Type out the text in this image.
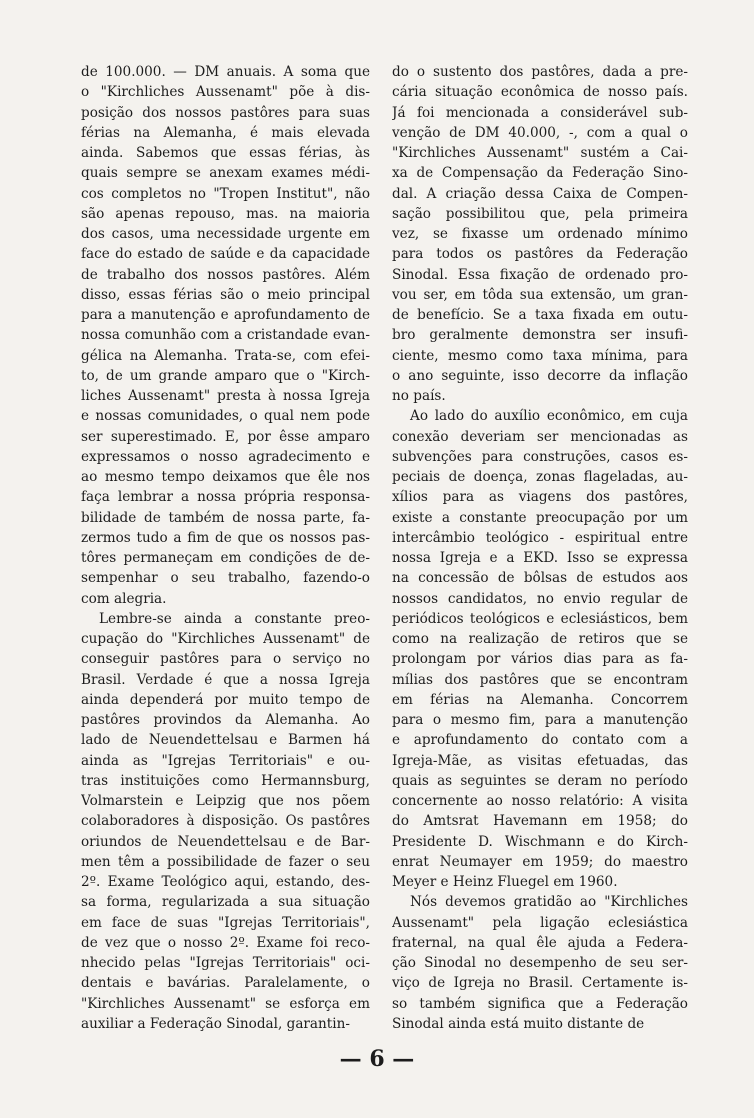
de 100.000. — DM anuais. A soma que
o "Kirchliches Aussenamt" põe à dis-
posição dos nossos pastôres para suas
férias na Alemanha, é mais elevada
ainda. Sabemos que essas férias, às
quais sempre se anexam exames médi-
cos completos no "Tropen Institut", não
são apenas repouso, mas. na maioria
dos casos, uma necessidade urgente em
face do estado de saúde e da capacidade
de trabalho dos nossos pastôres. Além
disso, essas férias são o meio principal
para a manutenção e aprofundamento de
nossa comunhão com a cristandade evan-
gélica na Alemanha. Trata-se, com efei-
to, de um grande amparo que o "Kirch-
liches Aussenamt" presta à nossa Igreja
e nossas comunidades, o qual nem pode
ser superestimado. E, por êsse amparo
expressamos o nosso agradecimento e
ao mesmo tempo deixamos que êle nos
faça lembrar a nossa própria responsa-
bilidade de também de nossa parte, fa-
zermos tudo a fim de que os nossos pas-
tôres permaneçam em condições de de-
sempenhar o seu trabalho, fazendo-o
com alegria.
Lembre-se ainda a constante preo-
cupação do "Kirchliches Aussenamt" de
conseguir pastôres para o serviço no
Brasil. Verdade é que a nossa Igreja
ainda dependerá por muito tempo de
pastôres provindos da Alemanha. Ao
lado de Neuendettelsau e Barmen há
ainda as "Igrejas Territoriais" e ou-
tras instituições como Hermannsburg,
Volmarstein e Leipzig que nos põem
colaboradores à disposição. Os pastôres
oriundos de Neuendettelsau e de Bar-
men têm a possibilidade de fazer o seu
2º. Exame Teológico aqui, estando, des-
sa forma, regularizada a sua situação
em face de suas "Igrejas Territoriais",
de vez que o nosso 2º. Exame foi reco-
nhecido pelas "Igrejas Territoriais" oci-
dentais e bavárias. Paralelamente, o
"Kirchliches Aussenamt" se esforça em
auxiliar a Federação Sinodal, garantin-
do o sustento dos pastôres, dada a pre-
cária situação econômica de nosso país.
Já foi mencionada a considerável sub-
venção de DM 40.000, -, com a qual o
"Kirchliches Aussenamt" sustém a Cai-
xa de Compensação da Federação Sino-
dal. A criação dessa Caixa de Compen-
sação possibilitou que, pela primeira
vez, se fixasse um ordenado mínimo
para todos os pastôres da Federação
Sinodal. Essa fixação de ordenado pro-
vou ser, em tôda sua extensão, um gran-
de benefício. Se a taxa fixada em outu-
bro geralmente demonstra ser insufi-
ciente, mesmo como taxa mínima, para
o ano seguinte, isso decorre da inflação
no país.
Ao lado do auxílio econômico, em cuja
conexão deveriam ser mencionadas as
subvenções para construções, casos es-
peciais de doença, zonas flageladas, au-
xílios para as viagens dos pastôres,
existe a constante preocupação por um
intercâmbio teológico - espiritual entre
nossa Igreja e a EKD. Isso se expressa
na concessão de bôlsas de estudos aos
nossos candidatos, no envio regular de
periódicos teológicos e eclesiásticos, bem
como na realização de retiros que se
prolongam por vários dias para as fa-
mílias dos pastôres que se encontram
em férias na Alemanha. Concorrem
para o mesmo fim, para a manutenção
e aprofundamento do contato com a
Igreja-Mãe, as visitas efetuadas, das
quais as seguintes se deram no período
concernente ao nosso relatório: A visita
do Amtsrat Havemann em 1958; do
Presidente D. Wischmann e do Kirch-
enrat Neumayer em 1959; do maestro
Meyer e Heinz Fluegel em 1960.
Nós devemos gratidão ao "Kirchliches
Aussenamt" pela ligação eclesiástica
fraternal, na qual êle ajuda a Federa-
ção Sinodal no desempenho de seu ser-
viço de Igreja no Brasil. Certamente is-
so também significa que a Federação
Sinodal ainda está muito distante de
— 6 —
